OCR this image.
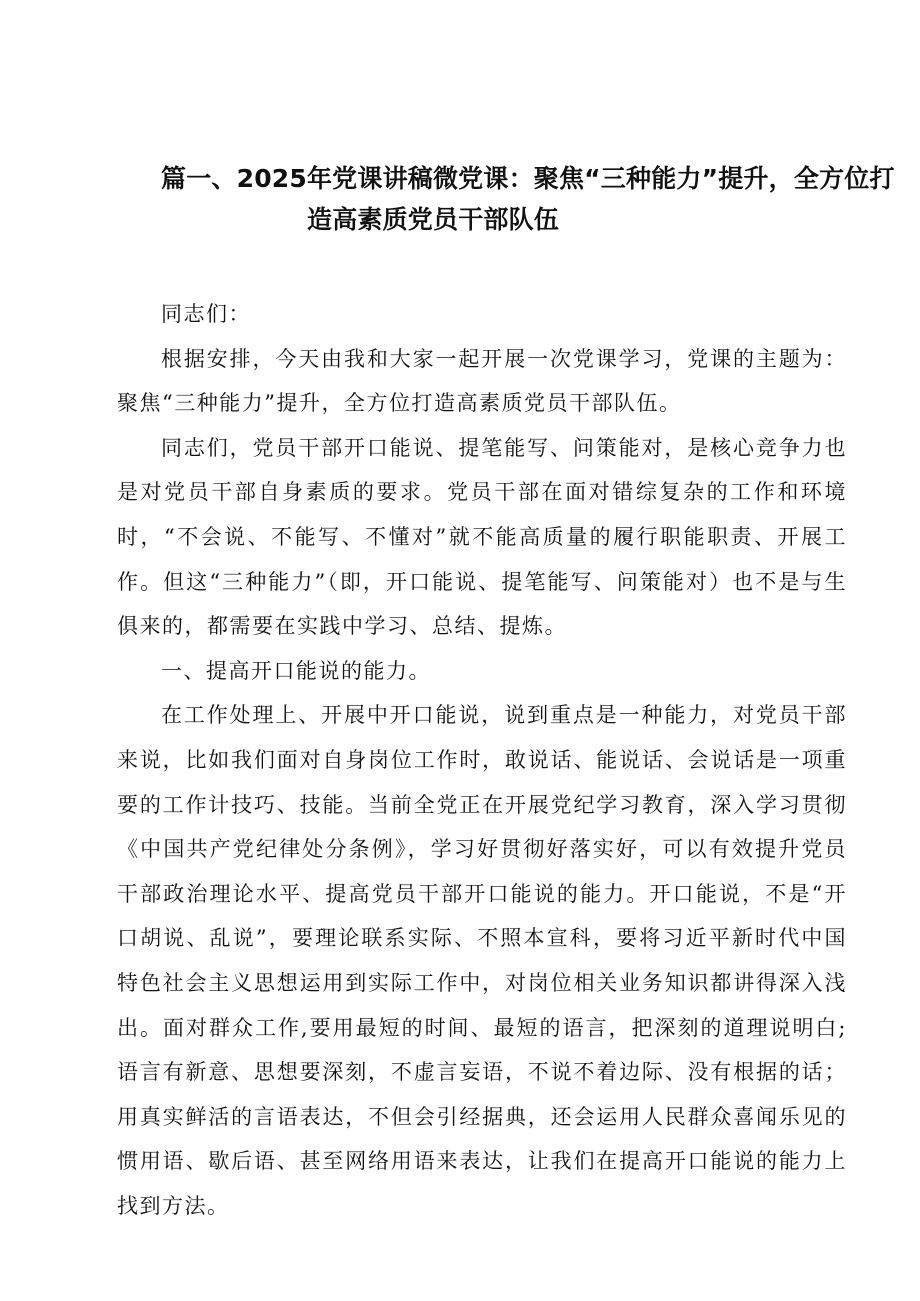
篇一、2025年党课讲稿微党课：聚焦“三种能力”提升，全方位打
造高素质党员干部队伍

同志们：

根据安排，今天由我和大家一起开展一次党课学习，党课的主题为：聚焦“三种能力”提升，全方位打造高素质党员干部队伍。

同志们，党员干部开口能说、提笔能写、问策能对，是核心竞争力也是对党员干部自身素质的要求。党员干部在面对错综复杂的工作和环境时，“不会说、不能写、不懂对”就不能高质量的履行职能职责、开展工作。但这“三种能力”（即，开口能说、提笔能写、问策能对）也不是与生俱来的，都需要在实践中学习、总结、提炼。

一、提高开口能说的能力。

在工作处理上、开展中开口能说，说到重点是一种能力，对党员干部来说，比如我们面对自身岗位工作时，敢说话、能说话、会说话是一项重要的工作计技巧、技能。当前全党正在开展党纪学习教育，深入学习贯彻《中国共产党纪律处分条例》，学习好贯彻好落实好，可以有效提升党员干部政治理论水平、提高党员干部开口能说的能力。开口能说，不是“开口胡说、乱说”，要理论联系实际、不照本宣科，要将习近平新时代中国特色社会主义思想运用到实际工作中，对岗位相关业务知识都讲得深入浅出。面对群众工作,要用最短的时间、最短的语言，把深刻的道理说明白;语言有新意、思想要深刻，不虚言妄语，不说不着边际、没有根据的话；用真实鲜活的言语表达，不但会引经据典，还会运用人民群众喜闻乐见的惯用语、歇后语、甚至网络用语来表达，让我们在提高开口能说的能力上找到方法。
